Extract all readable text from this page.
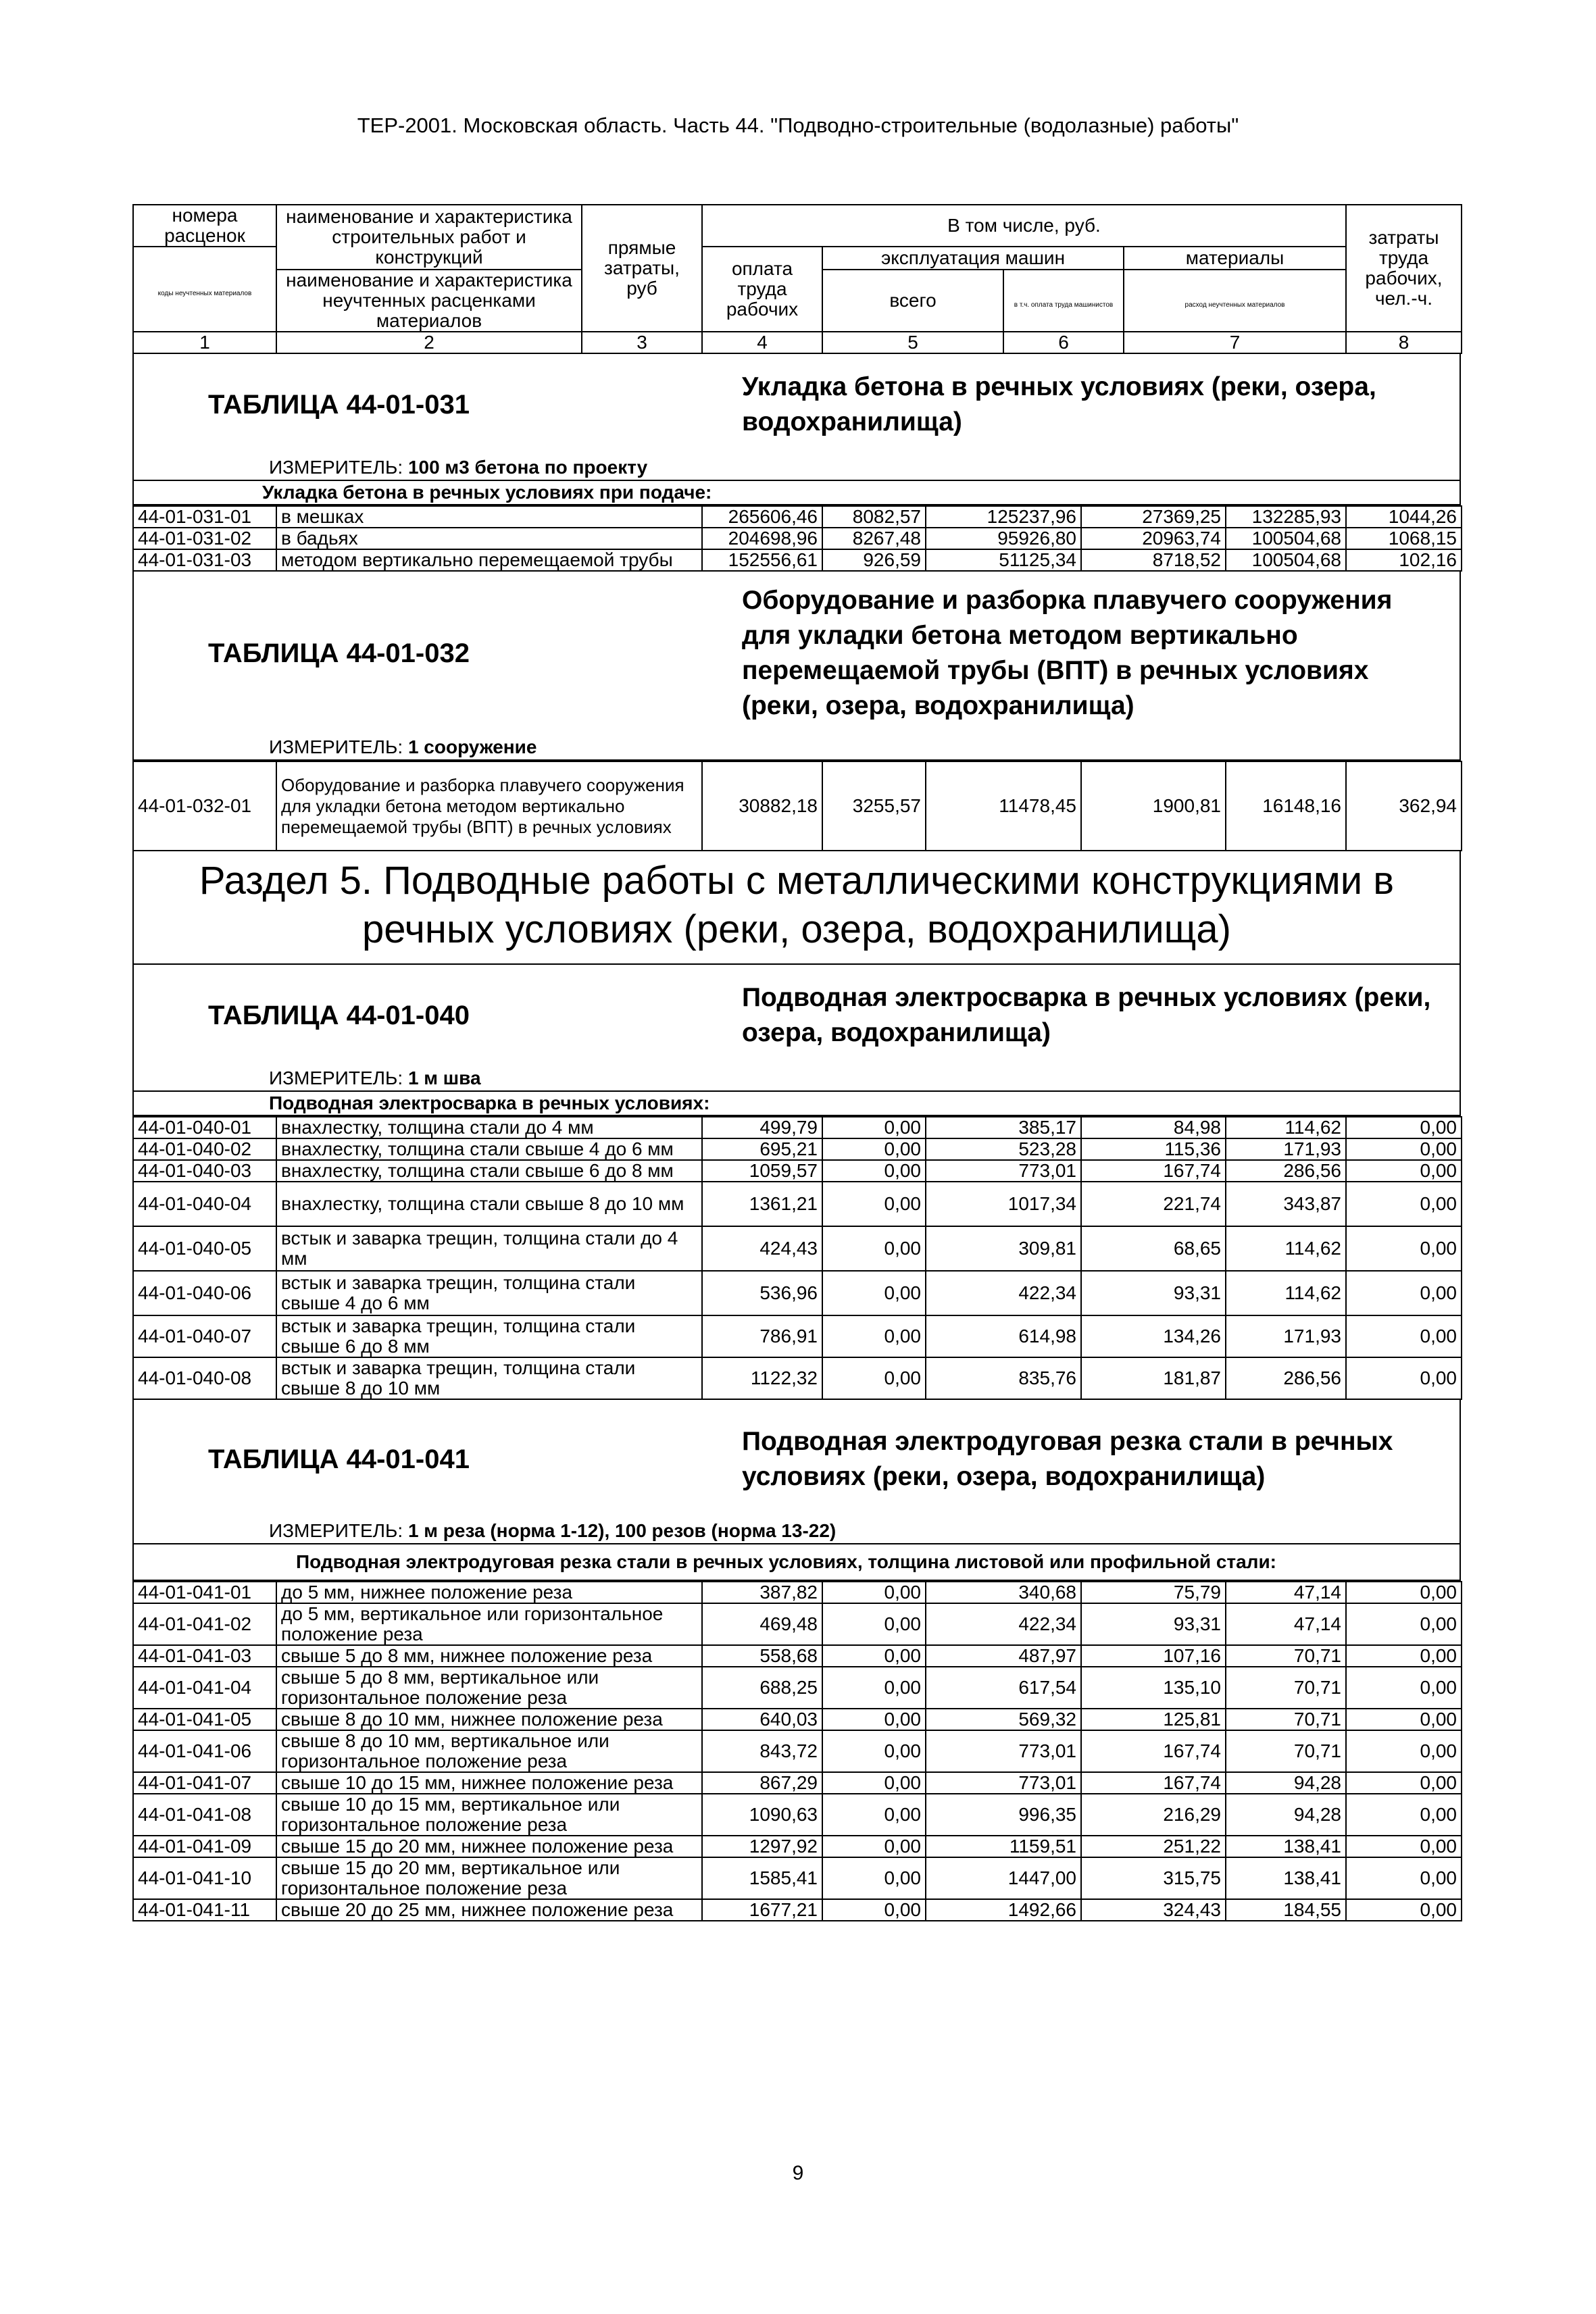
ТЕР-2001. Московская область. Часть 44. "Подводно-строительные (водолазные) работы"
номера расценок	наименование и характеристика строительных работ и конструкций	прямые затраты, руб	В том числе, руб.				затраты труда рабочих, чел.-ч.
коды неучтенных материалов			оплата труда рабочих	эксплуатация машин		материалы	
	наименование и характеристика неучтенных расценками материалов			всего	в т.ч. оплата труда машинистов	расход неучтенных материалов	

1	2	3	4	5	6	7	8
ТАБЛИЦА 44-01-031
Укладка бетона в речных условиях (реки, озера, водохранилища)
ИЗМЕРИТЕЛЬ: 100 м3 бетона по проекту
Укладка бетона в речных условиях при подаче:
44-01-031-01	в мешках	265606,46	8082,57	125237,96	27369,25	132285,93	1044,26
44-01-031-02	в бадьях	204698,96	8267,48	95926,80	20963,74	100504,68	1068,15
44-01-031-03	методом вертикально перемещаемой трубы	152556,61	926,59	51125,34	8718,52	100504,68	102,16
ТАБЛИЦА 44-01-032
Оборудование и разборка плавучего сооружения для укладки бетона методом вертикально перемещаемой трубы (ВПТ) в речных условиях (реки, озера, водохранилища)
ИЗМЕРИТЕЛЬ: 1 сооружение
44-01-032-01	Оборудование и разборка плавучего сооружения для укладки бетона методом вертикально перемещаемой трубы (ВПТ) в речных условиях	30882,18	3255,57	11478,45	1900,81	16148,16	362,94
Раздел 5. Подводные работы с металлическими конструкциями в речных условиях (реки, озера, водохранилища)
ТАБЛИЦА 44-01-040
Подводная электросварка в речных условиях (реки, озера, водохранилища)
ИЗМЕРИТЕЛЬ: 1 м шва
Подводная электросварка в речных условиях:
44-01-040-01	внахлестку, толщина стали до 4 мм	499,79	0,00	385,17	84,98	114,62	0,00
44-01-040-02	внахлестку, толщина стали свыше 4 до 6 мм	695,21	0,00	523,28	115,36	171,93	0,00
44-01-040-03	внахлестку, толщина стали свыше 6 до 8 мм	1059,57	0,00	773,01	167,74	286,56	0,00
44-01-040-04	внахлестку, толщина стали свыше 8 до 10 мм	1361,21	0,00	1017,34	221,74	343,87	0,00
44-01-040-05	встык и заварка трещин, толщина стали до 4 мм	424,43	0,00	309,81	68,65	114,62	0,00
44-01-040-06	встык и заварка трещин, толщина стали свыше 4 до 6 мм	536,96	0,00	422,34	93,31	114,62	0,00
44-01-040-07	встык и заварка трещин, толщина стали свыше 6 до 8 мм	786,91	0,00	614,98	134,26	171,93	0,00
44-01-040-08	встык и заварка трещин, толщина стали свыше 8 до 10 мм	1122,32	0,00	835,76	181,87	286,56	0,00
ТАБЛИЦА 44-01-041
Подводная электродуговая резка стали в речных условиях (реки, озера, водохранилища)
ИЗМЕРИТЕЛЬ: 1 м реза (норма 1-12), 100 резов (норма 13-22)
Подводная электродуговая резка стали в речных условиях, толщина листовой или профильной стали:
44-01-041-01	до 5 мм, нижнее положение реза	387,82	0,00	340,68	75,79	47,14	0,00
44-01-041-02	до 5 мм, вертикальное или горизонтальное положение реза	469,48	0,00	422,34	93,31	47,14	0,00
44-01-041-03	свыше 5 до 8 мм, нижнее положение реза	558,68	0,00	487,97	107,16	70,71	0,00
44-01-041-04	свыше 5 до 8 мм, вертикальное или горизонтальное положение реза	688,25	0,00	617,54	135,10	70,71	0,00
44-01-041-05	свыше 8 до 10 мм, нижнее положение реза	640,03	0,00	569,32	125,81	70,71	0,00
44-01-041-06	свыше 8 до 10 мм, вертикальное или горизонтальное положение реза	843,72	0,00	773,01	167,74	70,71	0,00
44-01-041-07	свыше 10 до 15 мм, нижнее положение реза	867,29	0,00	773,01	167,74	94,28	0,00
44-01-041-08	свыше 10 до 15 мм, вертикальное или горизонтальное положение реза	1090,63	0,00	996,35	216,29	94,28	0,00
44-01-041-09	свыше 15 до 20 мм, нижнее положение реза	1297,92	0,00	1159,51	251,22	138,41	0,00
44-01-041-10	свыше 15 до 20 мм, вертикальное или горизонтальное положение реза	1585,41	0,00	1447,00	315,75	138,41	0,00
44-01-041-11	свыше 20 до 25 мм, нижнее положение реза	1677,21	0,00	1492,66	324,43	184,55	0,00
9
